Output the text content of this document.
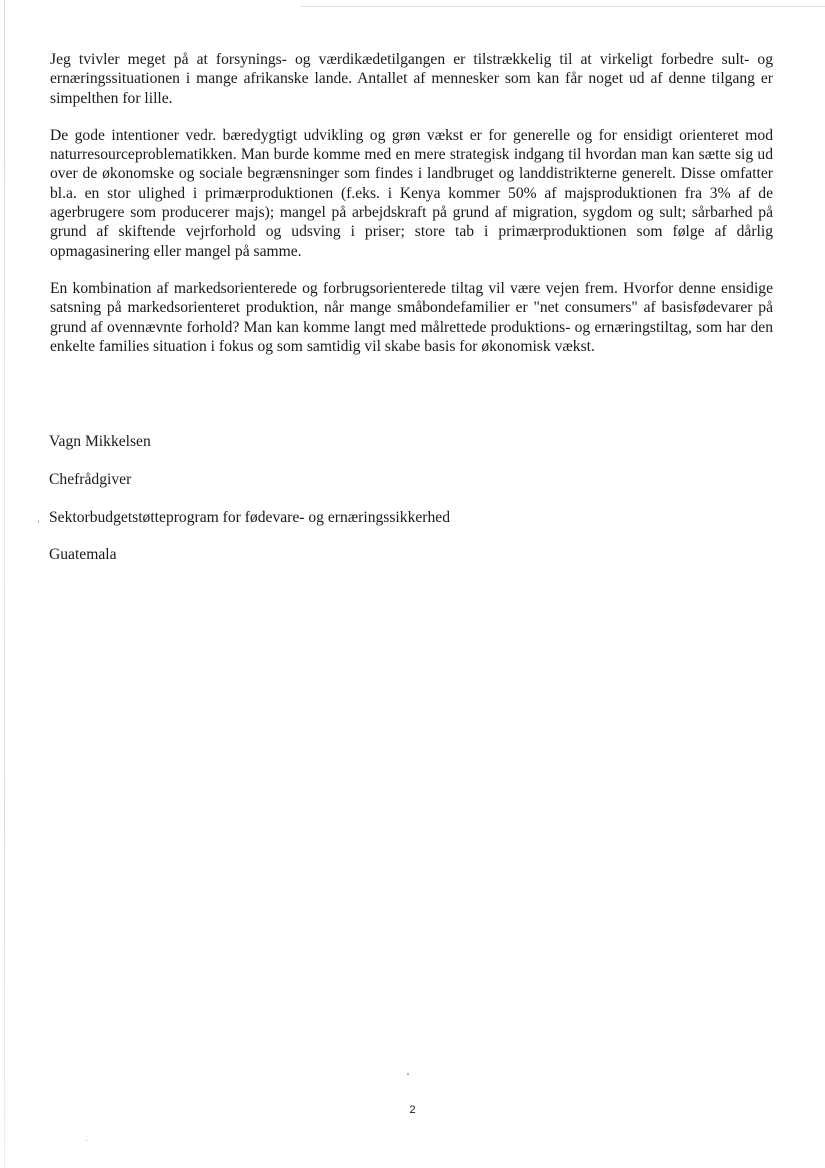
Jeg tvivler meget på at forsynings- og værdikædetilgangen er tilstrækkelig til at virkeligt forbedre sult- og ernæringssituationen i mange afrikanske lande. Antallet af mennesker som kan får noget ud af denne tilgang er simpelthen for lille.

De gode intentioner vedr. bæredygtigt udvikling og grøn vækst er for generelle og for ensidigt orienteret mod naturresourceproblematikken. Man burde komme med en mere strategisk indgang til hvordan man kan sætte sig ud over de økonomske og sociale begrænsninger som findes i landbruget og landdistrikterne generelt. Disse omfatter bl.a. en stor ulighed i primærproduktionen (f.eks. i Kenya kommer 50% af majsproduktionen fra 3% af de agerbrugere som producerer majs); mangel på arbejdskraft på grund af migration, sygdom og sult; sårbarhed på grund af skiftende vejrforhold og udsving i priser; store tab i primærproduktionen som følge af dårlig opmagasinering eller mangel på samme.

En kombination af markedsorienterede og forbrugsorienterede tiltag vil være vejen frem. Hvorfor denne ensidige satsning på markedsorienteret produktion, når mange småbondefamilier er "net consumers" af basisfødevarer på grund af ovennævnte forhold? Man kan komme langt med målrettede produktions- og ernæringstiltag, som har den enkelte families situation i fokus og som samtidig vil skabe basis for økonomisk vækst.

Vagn Mikkelsen

Chefrådgiver

Sektorbudgetstøtteprogram for fødevare- og ernæringssikkerhed

Guatemala

2
